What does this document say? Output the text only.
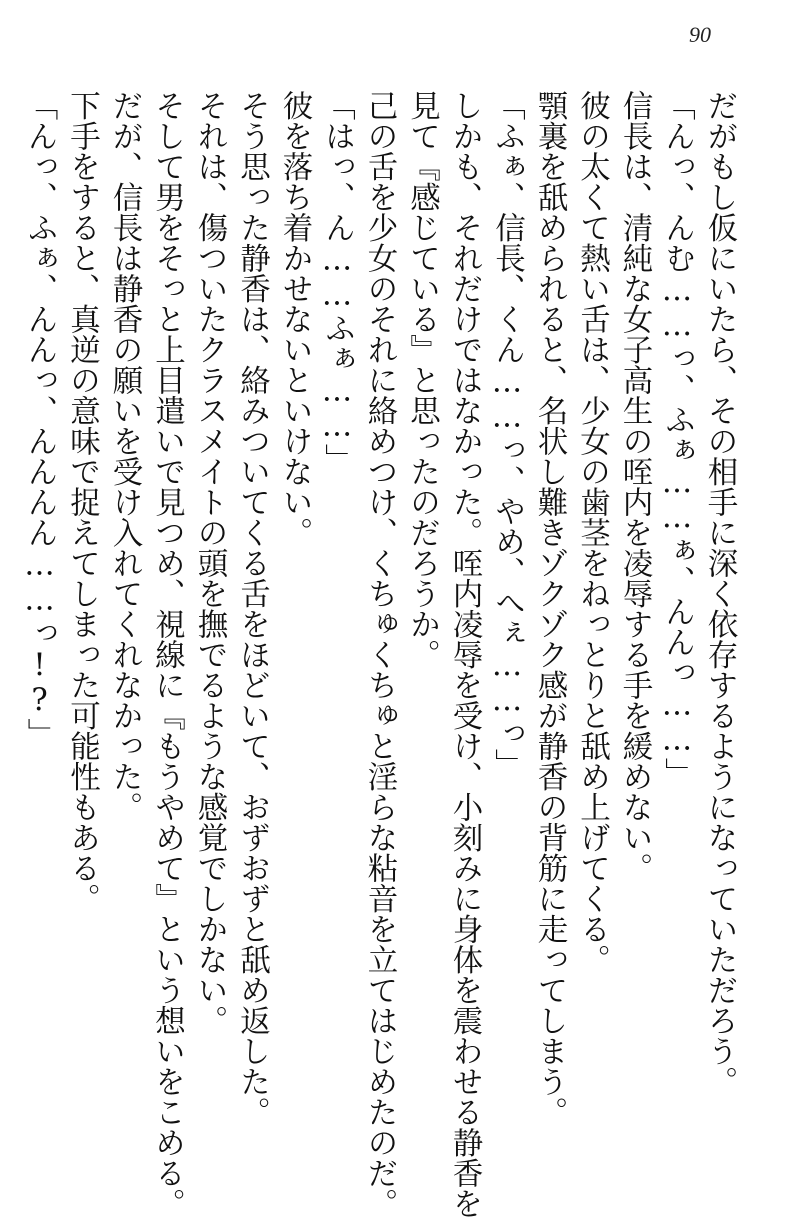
90
だがもし仮にいたら、その相手に深く依存するようになっていただろう。
「んっ、んむ……っ、ふぁ……ぁ、んんっ……」
信長は、清純な女子高生の咥内を凌辱する手を緩めない。
彼の太くて熱い舌は、少女の歯茎をねっとりと舐め上げてくる。
顎裏を舐められると、名状し難きゾクゾク感が静香の背筋に走ってしまう。
「ふぁ、信長、くん……っ、やめ、へぇ……っ」
しかも、それだけではなかった。咥内凌辱を受け、小刻みに身体を震わせる静香を
見て『感じている』と思ったのだろうか。
己の舌を少女のそれに絡めつけ、くちゅくちゅと淫らな粘音を立てはじめたのだ。
「はっ、ん……ふぁ……」
彼を落ち着かせないといけない。
そう思った静香は、絡みついてくる舌をほどいて、おずおずと舐め返した。
それは、傷ついたクラスメイトの頭を撫でるような感覚でしかない。
そして男をそっと上目遣いで見つめ、視線に『もうやめて』という想いをこめる。
だが、信長は静香の願いを受け入れてくれなかった。
下手をすると、真逆の意味で捉えてしまった可能性もある。
「んっ、ふぁ、んんっ、んんんん……っ!?」
